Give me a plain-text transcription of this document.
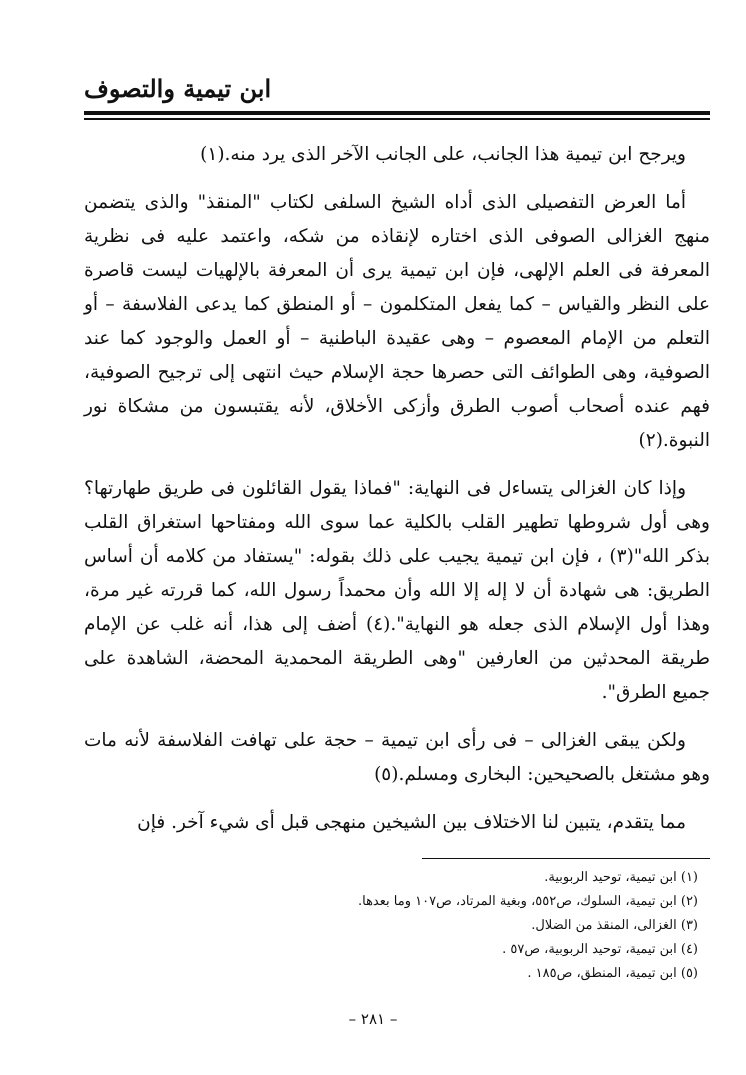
ابن تيمية والتصوف

ويرجح ابن تيمية هذا الجانب، على الجانب الآخر الذى يرد منه.(١)

أما العرض التفصيلى الذى أداه الشيخ السلفى لكتاب "المنقذ" والذى يتضمن منهج الغزالى الصوفى الذى اختاره لإنقاذه من شكه، واعتمد عليه فى نظرية المعرفة فى العلم الإلهى، فإن ابن تيمية يرى أن المعرفة بالإلهيات ليست قاصرة على النظر والقياس – كما يفعل المتكلمون – أو المنطق كما يدعى الفلاسفة – أو التعلم من الإمام المعصوم – وهى عقيدة الباطنية – أو العمل والوجود كما عند الصوفية، وهى الطوائف التى حصرها حجة الإسلام حيث انتهى إلى ترجيح الصوفية، فهم عنده أصحاب أصوب الطرق وأزكى الأخلاق، لأنه يقتبسون من مشكاة نور النبوة.(٢)

وإذا كان الغزالى يتساءل فى النهاية: "فماذا يقول القائلون فى طريق طهارتها؟ وهى أول شروطها تطهير القلب بالكلية عما سوى الله ومفتاحها استغراق القلب بذكر الله"(٣) ، فإن ابن تيمية يجيب على ذلك بقوله: "يستفاد من كلامه أن أساس الطريق: هى شهادة أن لا إله إلا الله وأن محمداً رسول الله، كما قررته غير مرة، وهذا أول الإسلام الذى جعله هو النهاية".(٤) أضف إلى هذا، أنه غلب عن الإمام طريقة المحدثين من العارفين "وهى الطريقة المحمدية المحضة، الشاهدة على جميع الطرق".

ولكن يبقى الغزالى – فى رأى ابن تيمية – حجة على تهافت الفلاسفة لأنه مات وهو مشتغل بالصحيحين: البخارى ومسلم.(٥)

مما يتقدم، يتبين لنا الاختلاف بين الشيخين منهجى قبل أى شيء آخر. فإن

(١) ابن تيمية، توحيد الربوبية.

(٢) ابن تيمية، السلوك، ص٥٥٢، وبغية المرتاد، ص١٠٧ وما بعدها.

(٣) الغزالى، المنقذ من الضلال.

(٤) ابن تيمية، توحيد الربوبية، ص٥٧ .

(٥) ابن تيمية، المنطق، ص١٨٥ .

– ٢٨١ –
